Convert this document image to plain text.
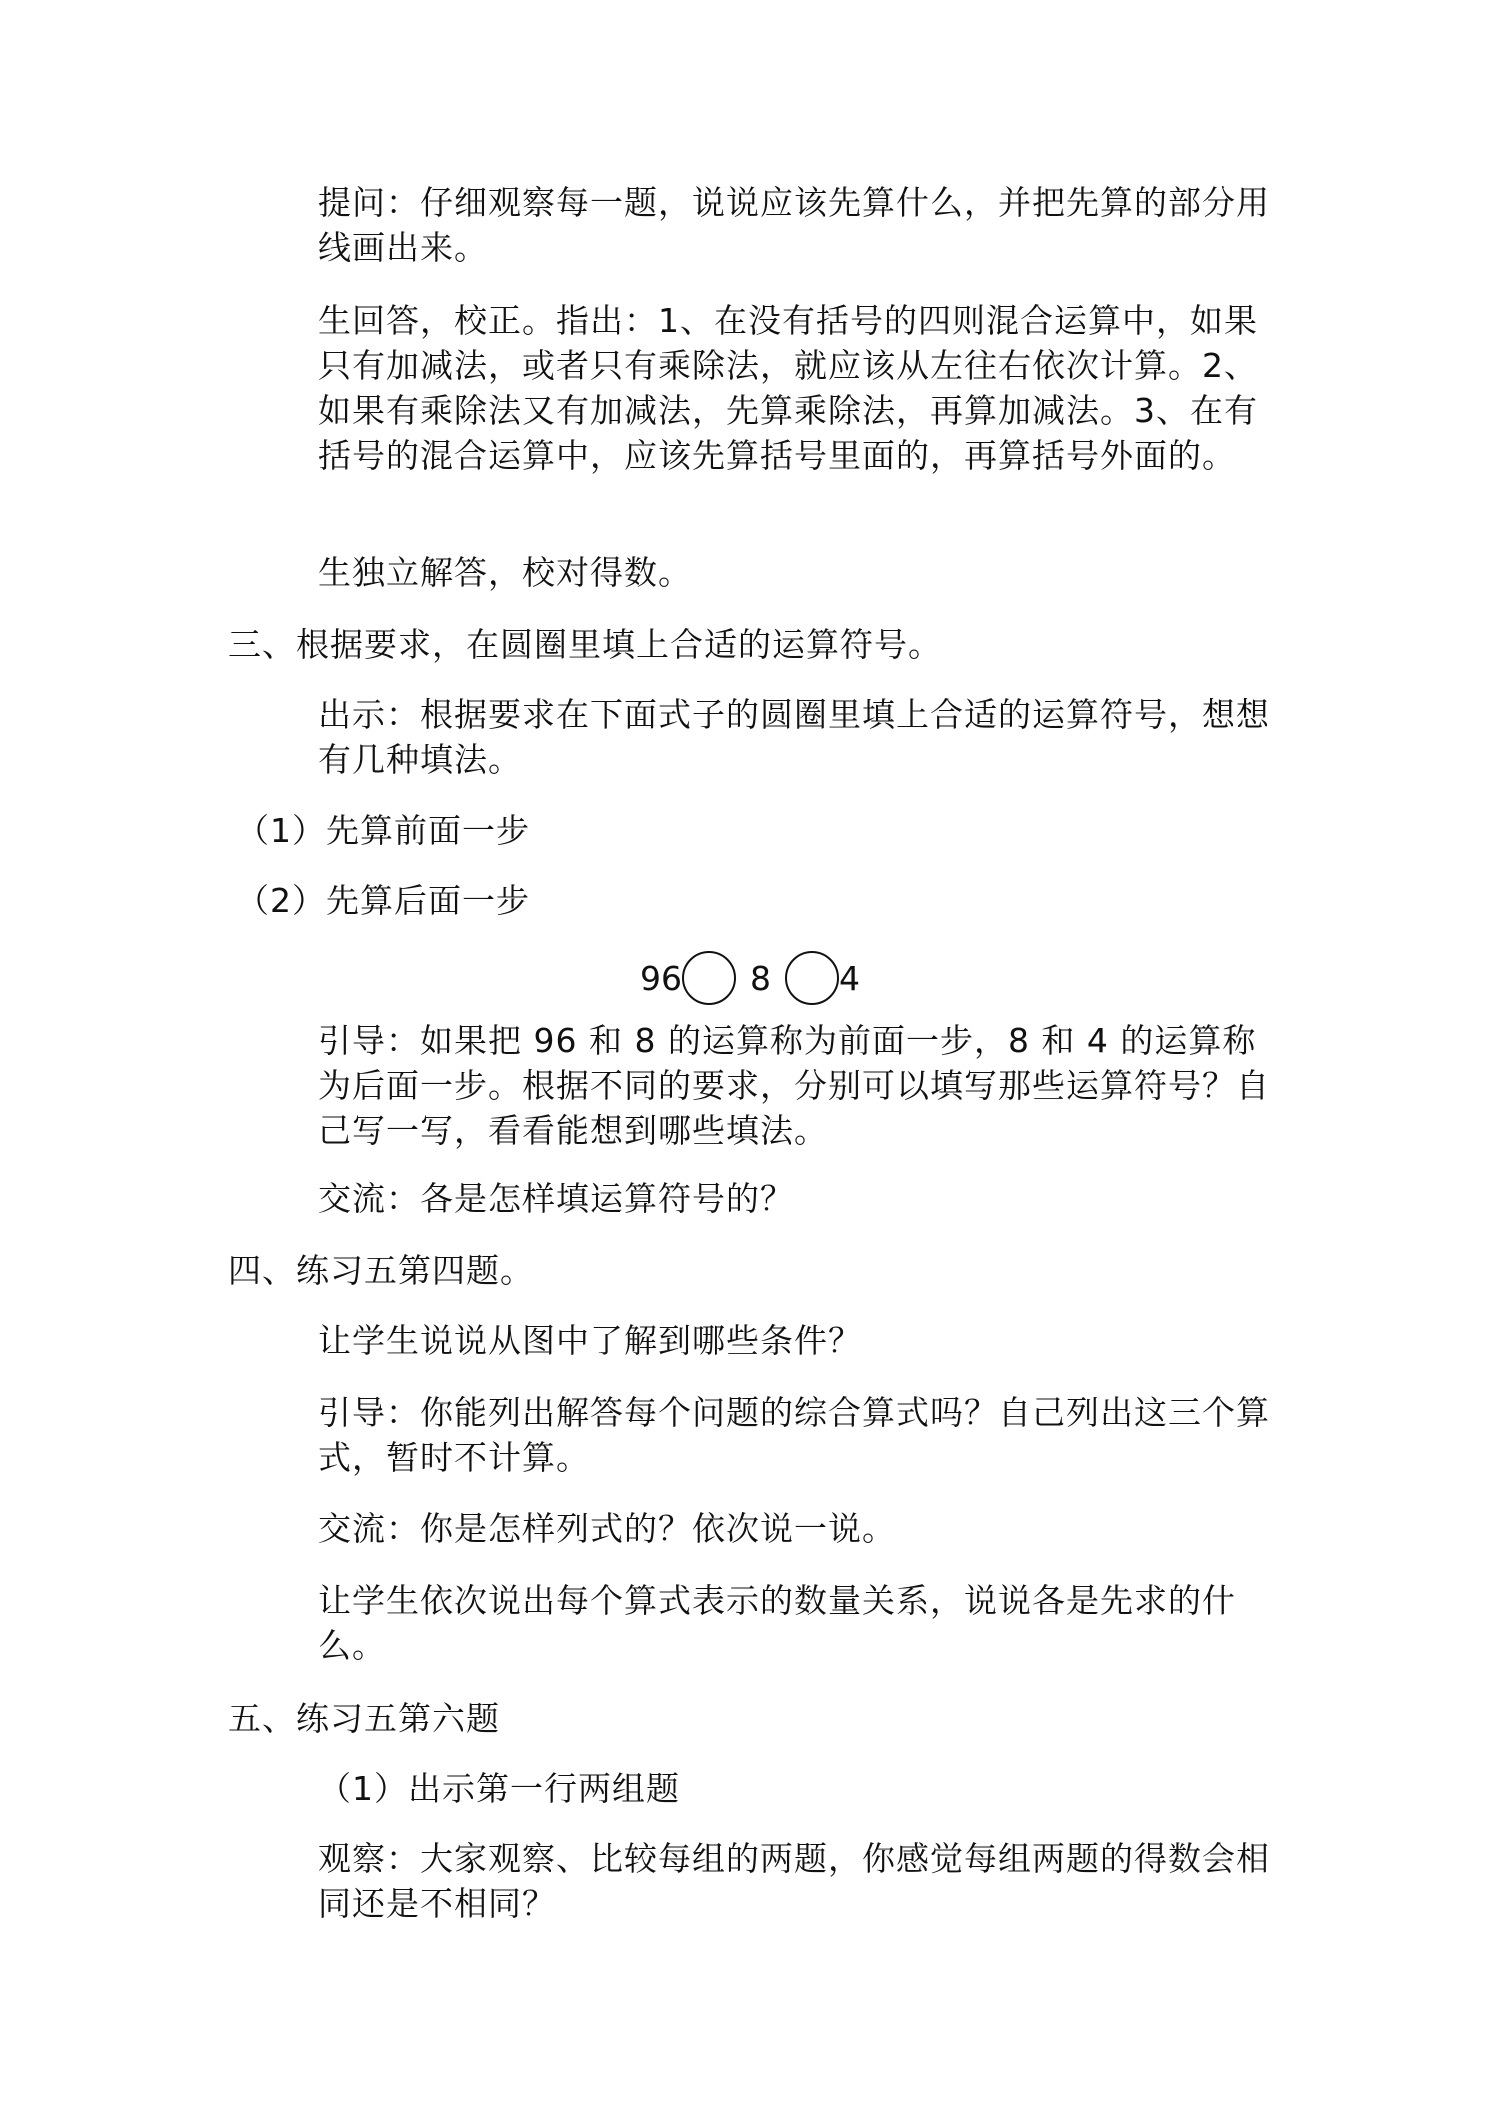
提问：仔细观察每一题，说说应该先算什么，并把先算的部分用线画出来。
生回答，校正。指出：1、在没有括号的四则混合运算中，如果只有加减法，或者只有乘除法，就应该从左往右依次计算。2、如果有乘除法又有加减法，先算乘除法，再算加减法。3、在有括号的混合运算中，应该先算括号里面的，再算括号外面的。
生独立解答，校对得数。
三、根据要求，在圆圈里填上合适的运算符号。
出示：根据要求在下面式子的圆圈里填上合适的运算符号，想想有几种填法。
（1）先算前面一步
（2）先算后面一步
96 8 4
引导：如果把 96 和 8 的运算称为前面一步，8 和 4 的运算称为后面一步。根据不同的要求，分别可以填写那些运算符号？自己写一写，看看能想到哪些填法。
交流：各是怎样填运算符号的？
四、练习五第四题。
让学生说说从图中了解到哪些条件？
引导：你能列出解答每个问题的综合算式吗？自己列出这三个算式，暂时不计算。
交流：你是怎样列式的？依次说一说。
让学生依次说出每个算式表示的数量关系，说说各是先求的什么。
五、练习五第六题
（1）出示第一行两组题
观察：大家观察、比较每组的两题，你感觉每组两题的得数会相同还是不相同？
